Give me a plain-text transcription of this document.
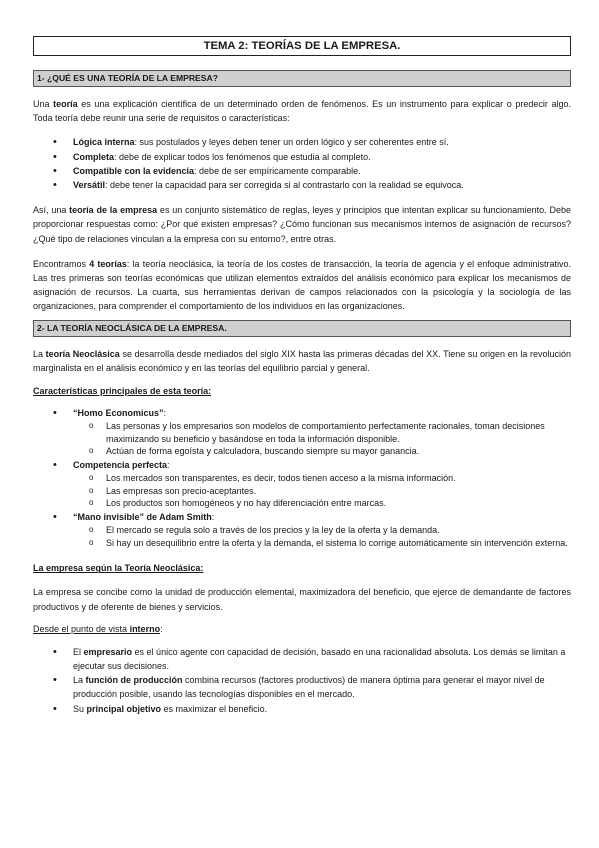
TEMA 2: TEORÍAS DE LA EMPRESA.
1- ¿QUÉ ES UNA TEORÍA DE LA EMPRESA?

Una teoría es una explicación científica de un determinado orden de fenómenos. Es un instrumento para explicar o predecir algo. Toda teoría debe reunir una serie de requisitos o características:

• Lógica interna: sus postulados y leyes deben tener un orden lógico y ser coherentes entre sí.
• Completa: debe de explicar todos los fenómenos que estudia al completo.
• Compatible con la evidencia: debe de ser empíricamente comparable.
• Versátil: debe tener la capacidad para ser corregida si al contrastarlo con la realidad se equivoca.

Así, una teoría de la empresa es un conjunto sistemático de reglas, leyes y principios que intentan explicar su funcionamiento. Debe proporcionar respuestas como: ¿Por qué existen empresas? ¿Cómo funcionan sus mecanismos internos de asignación de recursos? ¿Qué tipo de relaciones vinculan a la empresa con su entorno?, entre otras.

Encontramos 4 teorías: la teoría neoclásica, la teoría de los costes de transacción, la teoría de agencia y el enfoque administrativo. Las tres primeras son teorías económicas que utilizan elementos extraídos del análisis económico para explicar los mecanismos de asignación de recursos. La cuarta, sus herramientas derivan de campos relacionados con la psicología y la sociología de las organizaciones, para comprender el comportamiento de los individuos en las organizaciones.

2- LA TEORÍA NEOCLÁSICA DE LA EMPRESA.

La teoría Neoclásica se desarrolla desde mediados del siglo XIX hasta las primeras décadas del XX. Tiene su origen en la revolución marginalista en el análisis económico y en las teorías del equilibrio parcial y general.

Características principales de esta teoría:
• “Homo Economicus”:
o Las personas y los empresarios son modelos de comportamiento perfectamente racionales, toman decisiones maximizando su beneficio y basándose en toda la información disponible.
o Actúan de forma egoísta y calculadora, buscando siempre su mayor ganancia.
• Competencia perfecta:
o Los mercados son transparentes, es decir, todos tienen acceso a la misma información.
o Las empresas son precio-aceptantes.
o Los productos son homogéneos y no hay diferenciación entre marcas.
• “Mano invisible” de Adam Smith:
o El mercado se regula solo a través de los precios y la ley de la oferta y la demanda.
o Si hay un desequilibrio entre la oferta y la demanda, el sistema lo corrige automáticamente sin intervención externa.
La empresa según la Teoría Neoclásica:

La empresa se concibe como la unidad de producción elemental, maximizadora del beneficio, que ejerce de demandante de factores productivos y de oferente de bienes y servicios.

Desde el punto de vista interno:
• El empresario es el único agente con capacidad de decisión, basado en una racionalidad absoluta. Los demás se limitan a ejecutar sus decisiones.
• La función de producción combina recursos (factores productivos) de manera óptima para generar el mayor nivel de producción posible, usando las tecnologías disponibles en el mercado.
• Su principal objetivo es maximizar el beneficio.
